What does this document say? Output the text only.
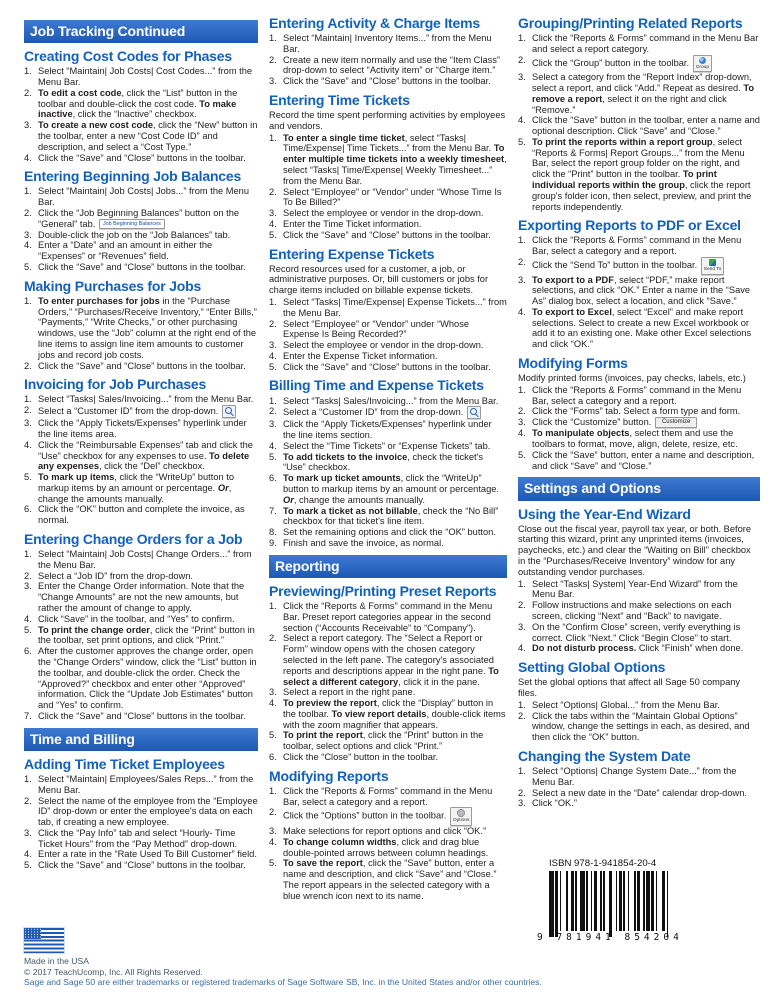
Job Tracking Continued
Creating Cost Codes for Phases
1. Select “Maintain| Job Costs| Cost Codes...” from the Menu Bar.
2. To edit a cost code, click the “List” button in the toolbar and double-click the cost code. To make inactive, click the “Inactive” checkbox.
3. To create a new cost code, click the “New” button in the toolbar, enter a new “Cost Code ID” and description, and select a “Cost Type.”
4. Click the “Save” and “Close” buttons in the toolbar.
Entering Beginning Job Balances
1. Select “Maintain| Job Costs| Jobs...” from the Menu Bar.
2. Click the “Job Beginning Balances” button on the “General” tab. Job Beginning Balances
3. Double-click the job on the “Job Balances” tab.
4. Enter a “Date” and an amount in either the “Expenses” or “Revenues” field.
5. Click the “Save” and “Close” buttons in the toolbar.
Making Purchases for Jobs
1. To enter purchases for jobs in the “Purchase Orders,” “Purchases/Receive Inventory,” “Enter Bills,” “Payments,” “Write Checks,” or other purchasing windows, use the “Job” column at the right end of the line items to assign line item amounts to customer jobs and record job costs.
2. Click the “Save” and “Close” buttons in the toolbar.
Invoicing for Job Purchases
1. Select “Tasks| Sales/Invoicing...” from the Menu Bar.
2. Select a “Customer ID” from the drop-down.
3. Click the “Apply Tickets/Expenses” hyperlink under the line items area.
4. Click the “Reimbursable Expenses” tab and click the “Use” checkbox for any expenses to use. To delete any expenses, click the “Del” checkbox.
5. To mark up items, click the “WriteUp” button to markup items by an amount or percentage. Or, change the amounts manually.
6. Click the “OK” button and complete the invoice, as normal.
Entering Change Orders for a Job
1. Select “Maintain| Job Costs| Change Orders...” from the Menu Bar.
2. Select a “Job ID” from the drop-down.
3. Enter the Change Order information. Note that the “Change Amounts” are not the new amounts, but rather the amount of change to apply.
4. Click “Save” in the toolbar, and “Yes” to confirm.
5. To print the change order, click the “Print” button in the toolbar, set print options, and click “Print.”
6. After the customer approves the change order, open the “Change Orders” window, click the “List” button in the toolbar, and double-click the order. Check the “Approved?” checkbox and enter other “Approved” information. Click the “Update Job Estimates” button and “Yes” to confirm.
7. Click the “Save” and “Close” buttons in the toolbar.
Time and Billing
Adding Time Ticket Employees
1. Select “Maintain| Employees/Sales Reps...” from the Menu Bar.
2. Select the name of the employee from the “Employee ID” drop-down or enter the employee's data on each tab, if creating a new employee.
3. Click the “Pay Info” tab and select “Hourly- Time Ticket Hours” from the “Pay Method” drop-down.
4. Enter a rate in the “Rate Used To Bill Customer” field.
5. Click the “Save” and “Close” buttons in the toolbar.
Entering Activity & Charge Items
1. Select “Maintain| Inventory Items...” from the Menu Bar.
2. Create a new item normally and use the “Item Class” drop-down to select “Activity item” or “Charge item.”
3. Click the “Save” and “Close” buttons in the toolbar.
Entering Time Tickets

Record the time spent performing activities by employees and vendors.

1. To enter a single time ticket, select “Tasks| Time/Expense| Time Tickets...” from the Menu Bar. To enter multiple time tickets into a weekly timesheet, select “Tasks| Time/Expense| Weekly Timesheet...” from the Menu Bar.
2. Select “Employee” or “Vendor” under “Whose Time Is To Be Billed?”
3. Select the employee or vendor in the drop-down.
4. Enter the Time Ticket information.
5. Click the “Save” and “Close” buttons in the toolbar.
Entering Expense Tickets

Record resources used for a customer, a job, or administrative purposes. Or, bill customers or jobs for charge items included on billable expense tickets.

1. Select “Tasks| Time/Expense| Expense Tickets...” from the Menu Bar.
2. Select “Employee” or “Vendor” under “Whose Expense Is Being Recorded?”
3. Select the employee or vendor in the drop-down.
4. Enter the Expense Ticket information.
5. Click the “Save” and “Close” buttons in the toolbar.
Billing Time and Expense Tickets
1. Select “Tasks| Sales/Invoicing...” from the Menu Bar.
2. Select a “Customer ID” from the drop-down.
3. Click the “Apply Tickets/Expenses” hyperlink under the line items section.
4. Select the “Time Tickets” or “Expense Tickets” tab.
5. To add tickets to the invoice, check the ticket's “Use” checkbox.
6. To mark up ticket amounts, click the “WriteUp” button to markup items by an amount or percentage. Or, change the amounts manually.
7. To mark a ticket as not billable, check the “No Bill” checkbox for that ticket's line item.
8. Set the remaining options and click the “OK” button.
9. Finish and save the invoice, as normal.
Reporting
Previewing/Printing Preset Reports
1. Click the “Reports & Forms” command in the Menu Bar. Preset report categories appear in the second section (“Accounts Receivable” to “Company”).
2. Select a report category. The “Select a Report or Form” window opens with the chosen category selected in the left pane. The category's associated reports and descriptions appear in the right pane. To select a different category, click it in the pane.
3. Select a report in the right pane.
4. To preview the report, click the “Display” button in the toolbar. To view report details, double-click items with the zoom magnifier that appears.
5. To print the report, click the “Print” button in the toolbar, select options and click “Print.”
6. Click the “Close” button in the toolbar.
Modifying Reports
1. Click the “Reports & Forms” command in the Menu Bar, select a category and a report.
2. Click the “Options” button in the toolbar. Options
3. Make selections for report options and click “OK.”
4. To change column widths, click and drag blue double-pointed arrows between column headings.
5. To save the report, click the “Save” button, enter a name and description, and click “Save” and “Close.” The report appears in the selected category with a blue wrench icon next to its name.
Grouping/Printing Related Reports
1. Click the “Reports & Forms” command in the Menu Bar and select a report category.
2. Click the “Group” button in the toolbar. Group
3. Select a category from the “Report Index” drop-down, select a report, and click “Add.” Repeat as desired. To remove a report, select it on the right and click “Remove.”
4. Click the “Save” button in the toolbar, enter a name and optional description. Click “Save” and “Close.”
5. To print the reports within a report group, select “Reports & Forms| Report Groups...” from the Menu Bar, select the report group folder on the right, and click the “Print” button in the toolbar. To print individual reports within the group, click the report group's folder icon, then select, preview, and print the reports independently.
Exporting Reports to PDF or Excel
1. Click the “Reports & Forms” command in the Menu Bar, select a category and a report.
2. Click the “Send To” button in the toolbar. Send To
3. To export to a PDF, select “PDF,” make report selections, and click “OK.” Enter a name in the “Save As” dialog box, select a location, and click “Save.”
4. To export to Excel, select “Excel” and make report selections. Select to create a new Excel workbook or add it to an existing one. Make other Excel selections and click “OK.”
Modifying Forms

Modify printed forms (invoices, pay checks, labels, etc.)

1. Click the “Reports & Forms” command in the Menu Bar, select a category and a report.
2. Click the “Forms” tab. Select a form type and form.
3. Click the “Customize” button. Customize
4. To manipulate objects, select them and use the toolbars to format, move, align, delete, resize, etc.
5. Click the “Save” button, enter a name and description, and click “Save” and “Close.”
Settings and Options
Using the Year-End Wizard

Close out the fiscal year, payroll tax year, or both. Before starting this wizard, print any unprinted items (invoices, paychecks, etc.) and clear the “Waiting on Bill” checkbox in the “Purchases/Receive Inventory” window for any outstanding vendor purchases.

1. Select “Tasks| System| Year-End Wizard” from the Menu Bar.
2. Follow instructions and make selections on each screen, clicking “Next” and “Back” to navigate.
3. On the “Confirm Close” screen, verify everything is correct. Click “Next.” Click “Begin Close” to start.
4. Do not disturb process. Click “Finish” when done.
Setting Global Options

Set the global options that affect all Sage 50 company files.

1. Select “Options| Global...” from the Menu Bar.
2. Click the tabs within the “Maintain Global Options” window, change the settings in each, as desired, and then click the “OK” button.
Changing the System Date
1. Select “Options| Change System Date...” from the Menu Bar.
2. Select a new date in the “Date” calendar drop-down.
3. Click “OK.”
ISBN 978-1-941854-20-4
9 781941 854204
Made in the USA
© 2017 TeachUcomp, Inc. All Rights Reserved.
Sage and Sage 50 are either trademarks or registered trademarks of Sage Software SB, Inc. in the United States and/or other countries.
